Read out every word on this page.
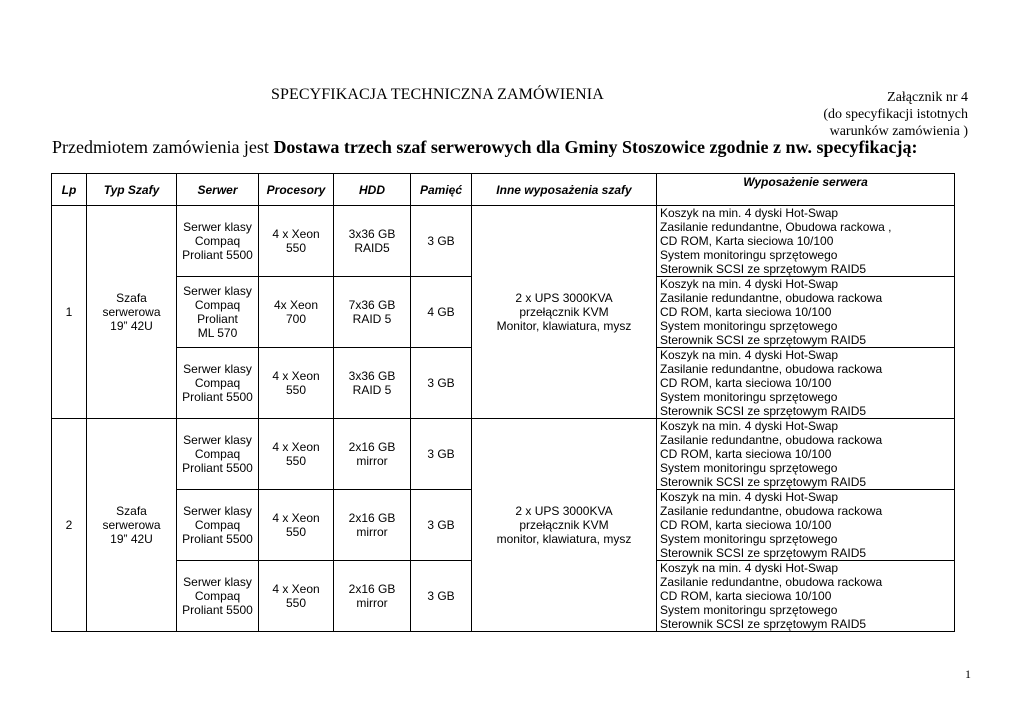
SPECYFIKACJA TECHNICZNA ZAMÓWIENIA	Załącznik nr 4
(do specyfikacji istotnych
warunków zamówienia )
Przedmiotem zamówienia jest Dostawa trzech szaf serwerowych dla Gminy Stoszowice zgodnie z nw. specyfikacją:
Lp	Typ Szafy	Serwer	Procesory	HDD	Pamięć	Inne wyposażenia szafy	Wyposażenie serwera
1	Szafa
serwerowa
19” 42U	Serwer klasy
Compaq
Proliant 5500	4 x Xeon
550	3x36 GB
RAID5	3 GB	2 x UPS 3000KVA
przełącznik KVM
Monitor, klawiatura, mysz	Koszyk na min. 4 dyski Hot-Swap
Zasilanie redundantne, Obudowa rackowa ,
CD ROM, Karta sieciowa 10/100
System monitoringu sprzętowego
Sterownik SCSI ze sprzętowym RAID5

		Serwer klasy
Compaq
Proliant
ML 570	4x Xeon
700	7x36 GB
RAID 5	4 GB		Koszyk na min. 4 dyski Hot-Swap
Zasilanie redundantne, obudowa rackowa
CD ROM, karta sieciowa 10/100
System monitoringu sprzętowego
Sterownik SCSI ze sprzętowym RAID5

		Serwer klasy
Compaq
Proliant 5500	4 x Xeon
550	3x36 GB
RAID 5	3 GB		Koszyk na min. 4 dyski Hot-Swap
Zasilanie redundantne, obudowa rackowa
CD ROM, karta sieciowa 10/100
System monitoringu sprzętowego
Sterownik SCSI ze sprzętowym RAID5

2	Szafa
serwerowa
19” 42U	Serwer klasy
Compaq
Proliant 5500	4 x Xeon
550	2x16 GB
mirror	3 GB	2 x UPS 3000KVA
przełącznik KVM
monitor, klawiatura, mysz	Koszyk na min. 4 dyski Hot-Swap
Zasilanie redundantne, obudowa rackowa
CD ROM, karta sieciowa 10/100
System monitoringu sprzętowego
Sterownik SCSI ze sprzętowym RAID5

		Serwer klasy
Compaq
Proliant 5500	4 x Xeon
550	2x16 GB
mirror	3 GB		Koszyk na min. 4 dyski Hot-Swap
Zasilanie redundantne, obudowa rackowa
CD ROM, karta sieciowa 10/100
System monitoringu sprzętowego
Sterownik SCSI ze sprzętowym RAID5

		Serwer klasy
Compaq
Proliant 5500	4 x Xeon
550	2x16 GB
mirror	3 GB		Koszyk na min. 4 dyski Hot-Swap
Zasilanie redundantne, obudowa rackowa
CD ROM, karta sieciowa 10/100
System monitoringu sprzętowego
Sterownik SCSI ze sprzętowym RAID5
1
